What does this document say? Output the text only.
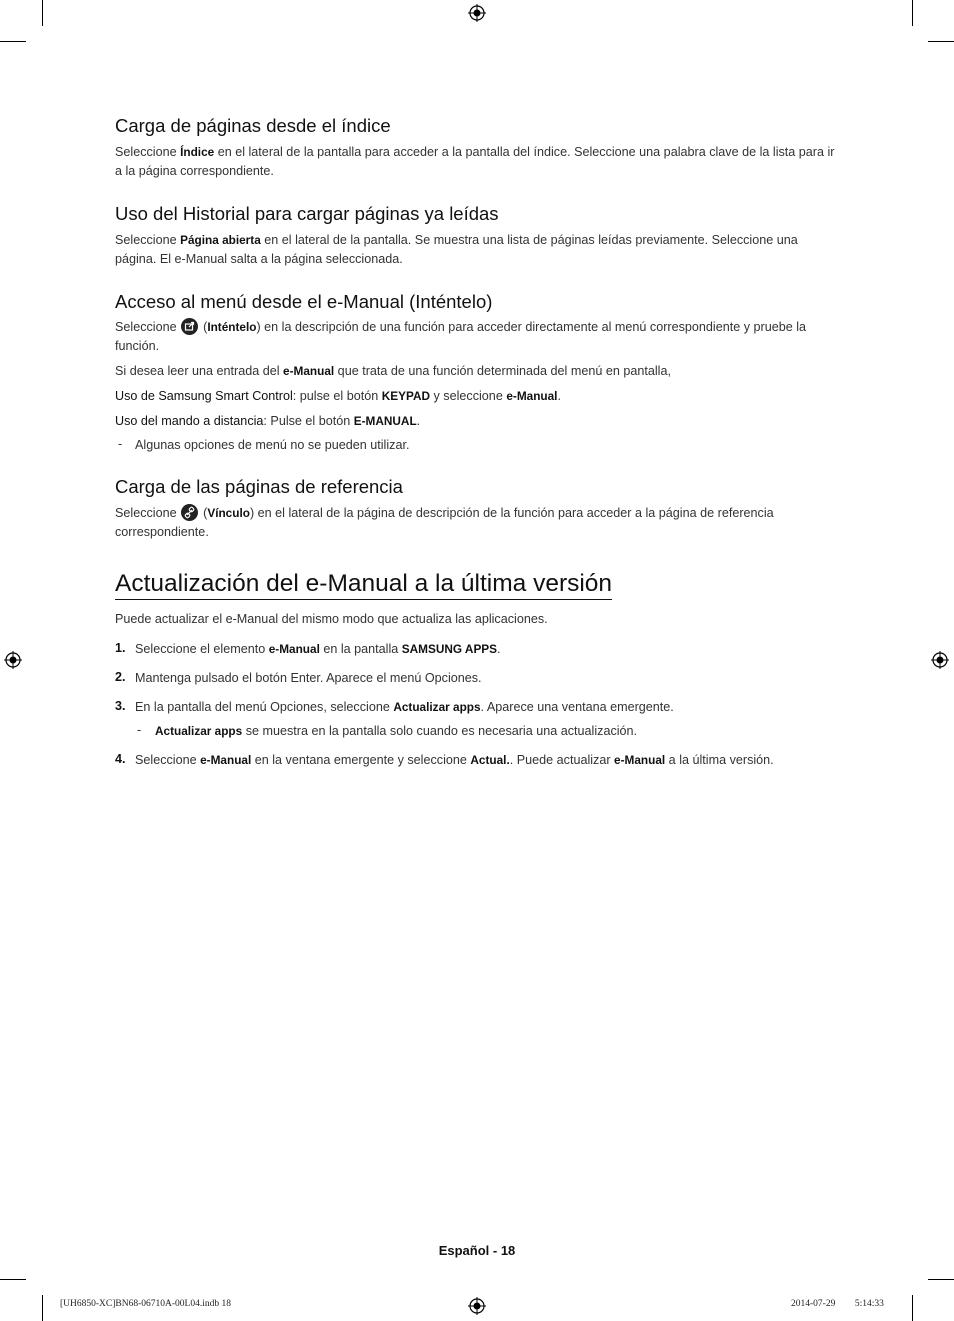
Carga de páginas desde el índice

Seleccione Índice en el lateral de la pantalla para acceder a la pantalla del índice. Seleccione una palabra clave de la lista para ir a la página correspondiente.

Uso del Historial para cargar páginas ya leídas

Seleccione Página abierta en el lateral de la pantalla. Se muestra una lista de páginas leídas previamente. Seleccione una página. El e-Manual salta a la página seleccionada.

Acceso al menú desde el e-Manual (Inténtelo)

Seleccione
(Inténtelo) en la descripción de una función para acceder directamente al menú correspondiente y pruebe la función.

Si desea leer una entrada del e-Manual que trata de una función determinada del menú en pantalla,

Uso de Samsung Smart Control: pulse el botón KEYPAD y seleccione e-Manual.

Uso del mando a distancia: Pulse el botón E-MANUAL.

- Algunas opciones de menú no se pueden utilizar.

Carga de las páginas de referencia

Seleccione
(Vínculo) en el lateral de la página de descripción de la función para acceder a la página de referencia correspondiente.

Actualización del e-Manual a la última versión

Puede actualizar el e-Manual del mismo modo que actualiza las aplicaciones.

1. Seleccione el elemento e-Manual en la pantalla SAMSUNG APPS.

2. Mantenga pulsado el botón Enter. Aparece el menú Opciones.

3. En la pantalla del menú Opciones, seleccione Actualizar apps. Aparece una ventana emergente.

- Actualizar apps se muestra en la pantalla solo cuando es necesaria una actualización.

4. Seleccione e-Manual en la ventana emergente y seleccione Actual.. Puede actualizar e-Manual a la última versión.

Español - 18
[UH6850-XC]BN68-06710A-00L04.indb 18	2014-07-29 ￿￿ 5:14:33
